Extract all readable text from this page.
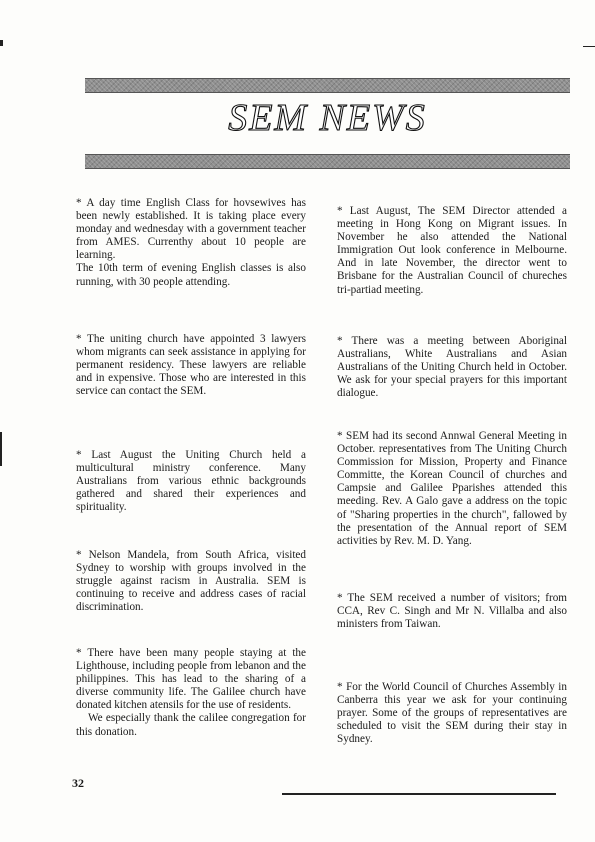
SEM NEWS

* A day time English Class for hovsewives has been newly established. It is taking place every monday and wednesday with a government teacher from AMES. Currenthy about 10 people are learning.

The 10th term of evening English classes is also running, with 30 people attending.

* The uniting church have appointed 3 lawyers whom migrants can seek assistance in applying for permanent residency. These lawyers are reliable and in expensive. Those who are interested in this service can contact the SEM.

* Last August the Uniting Church held a multicultural ministry conference. Many Australians from various ethnic backgrounds gathered and shared their experiences and spirituality.

* Nelson Mandela, from South Africa, visited Sydney to worship with groups involved in the struggle against racism in Australia. SEM is continuing to receive and address cases of racial discrimination.

* There have been many people staying at the Lighthouse, including people from lebanon and the philippines. This has lead to the sharing of a diverse community life. The Galilee church have donated kitchen atensils for the use of residents.

We especially thank the calilee congregation for this donation.

* Last August, The SEM Director attended a meeting in Hong Kong on Migrant issues. In November he also attended the National Immigration Out look conference in Melbourne. And in late November, the director went to Brisbane for the Australian Council of chureches tri-partiad meeting.

* There was a meeting between Aboriginal Australians, White Australians and Asian Australians of the Uniting Church held in October. We ask for your special prayers for this important dialogue.

* SEM had its second Annwal General Meeting in October. representatives from The Uniting Church Commission for Mission, Property and Finance Committe, the Korean Council of churches and Campsie and Galilee Pparishes attended this meeding. Rev. A Galo gave a address on the topic of "Sharing properties in the church", fallowed by the presentation of the Annual report of SEM activities by Rev. M. D. Yang.

* The SEM received a number of visitors; from CCA, Rev C. Singh and Mr N. Villalba and also ministers from Taiwan.

* For the World Council of Churches Assembly in Canberra this year we ask for your continuing prayer. Some of the groups of representatives are scheduled to visit the SEM during their stay in Sydney.

32
